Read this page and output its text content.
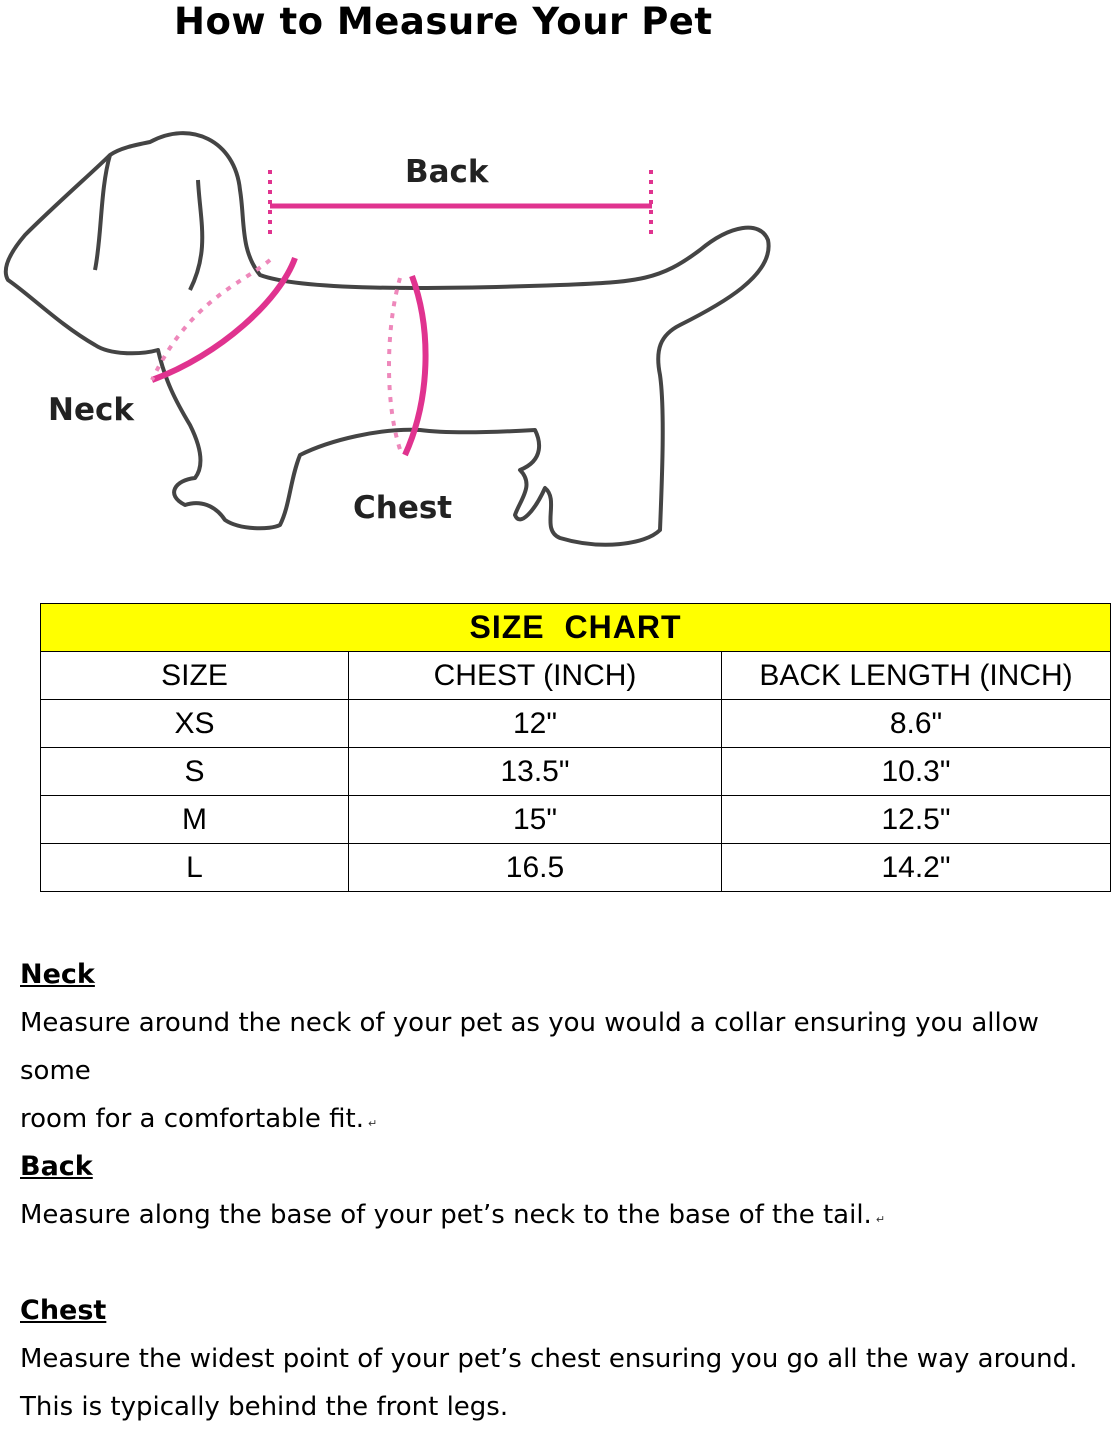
How to Measure Your Pet
Back
Neck
Chest
SIZE CHART		
SIZE	CHEST (INCH)	BACK LENGTH (INCH)
XS	12"	8.6"
S	13.5"	10.3"
M	15"	12.5"
L	16.5	14.2"
Neck
Measure around the neck of your pet as you would a collar ensuring you allow some
room for a comfortable fit. ↵
Back
Measure along the base of your pet’s neck to the base of the tail. ↵
Chest
Measure the widest point of your pet’s chest ensuring you go all the way around.
This is typically behind the front legs.
